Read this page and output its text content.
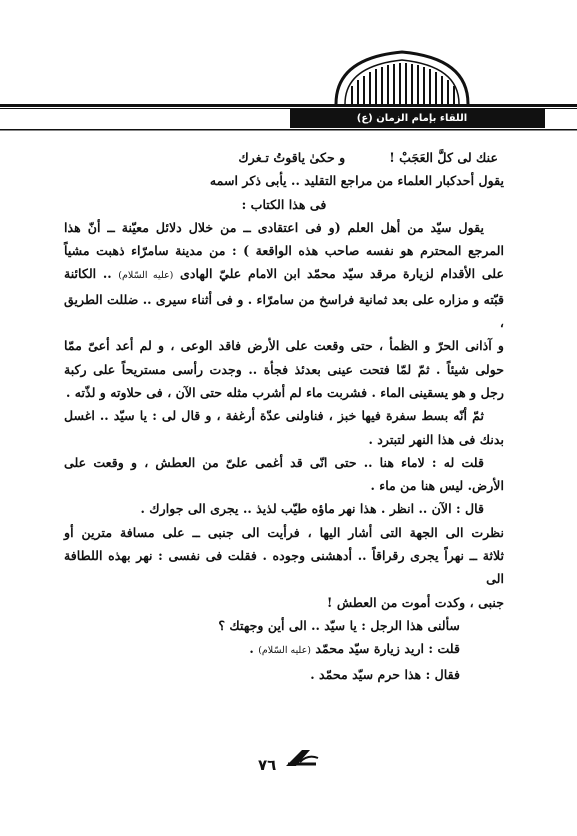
اللقاء بإمام الزمان (ع)

عنك لى كلَّ العَجَبْ !
و حكىٰ ياقوتُ تـغرك

يقول أحدكبار العلماء من مراجع التقليد .. يأبى ذكر اسمه

فى هذا الكتاب :

يقول سيّد من أهل العلم (و فى اعتقادى ــ من خلال دلائل معيّنة ــ أنّ هذا

المرجع المحترم هو نفسه صاحب هذه الواقعة ) : من مدينة سامرّاء ذهبت مشياً

على الأقدام لزيارة مرقد سيّد محمّد ابن الامام عليّ الهادى (عليه السّلام) .. الكائنة

قبّته و مزاره على بعد ثمانية فراسخ من سامرّاء . و فى أثناء سيرى .. ضللت الطريق ،

و آذانى الحرّ و الظمأ ، حتى وقعت على الأرض فاقد الوعى ، و لم أعد أعىّ ممّا

حولى شيئاً . ثمّ لمّا فتحت عينى بعدئذ فجأة .. وجدت رأسى مستريحاً على ركبة

رجل و هو يسقينى الماء . فشربت ماء لم أشرب مثله حتى الآن ، فى حلاوته و لذّته .

ثمّ أنّه بسط سفرة فيها خبز ، فناولنى عدّة أرغفة ، و قال لى : يا سيّد .. اغسل

بدنك فى هذا النهر لتبترد .

قلت له : لاماء هنا .. حتى انّى قد أغمى علىّ من العطش ، و وقعت على

الأرض. ليس هنا من ماء .

قال : الآن .. انظر . هذا نهر ماؤه طيّب لذيذ .. يجرى الى جوارك .

نظرت الى الجهة التى أشار اليها ، فرأيت الى جنبى ــ على مسافة مترين أو

ثلاثة ــ نهراً يجرى رقراقاً .. أدهشنى وجوده . فقلت فى نفسى : نهر بهذه اللطافة الى

جنبى ، وكدت أموت من العطش !

سألنى هذا الرجل : يا سيّد .. الى أين وجهتك ؟

قلت : اريد زيارة سيّد محمّد (عليه السّلام) .

فقال : هذا حرم سيّد محمّد .

٧٦
